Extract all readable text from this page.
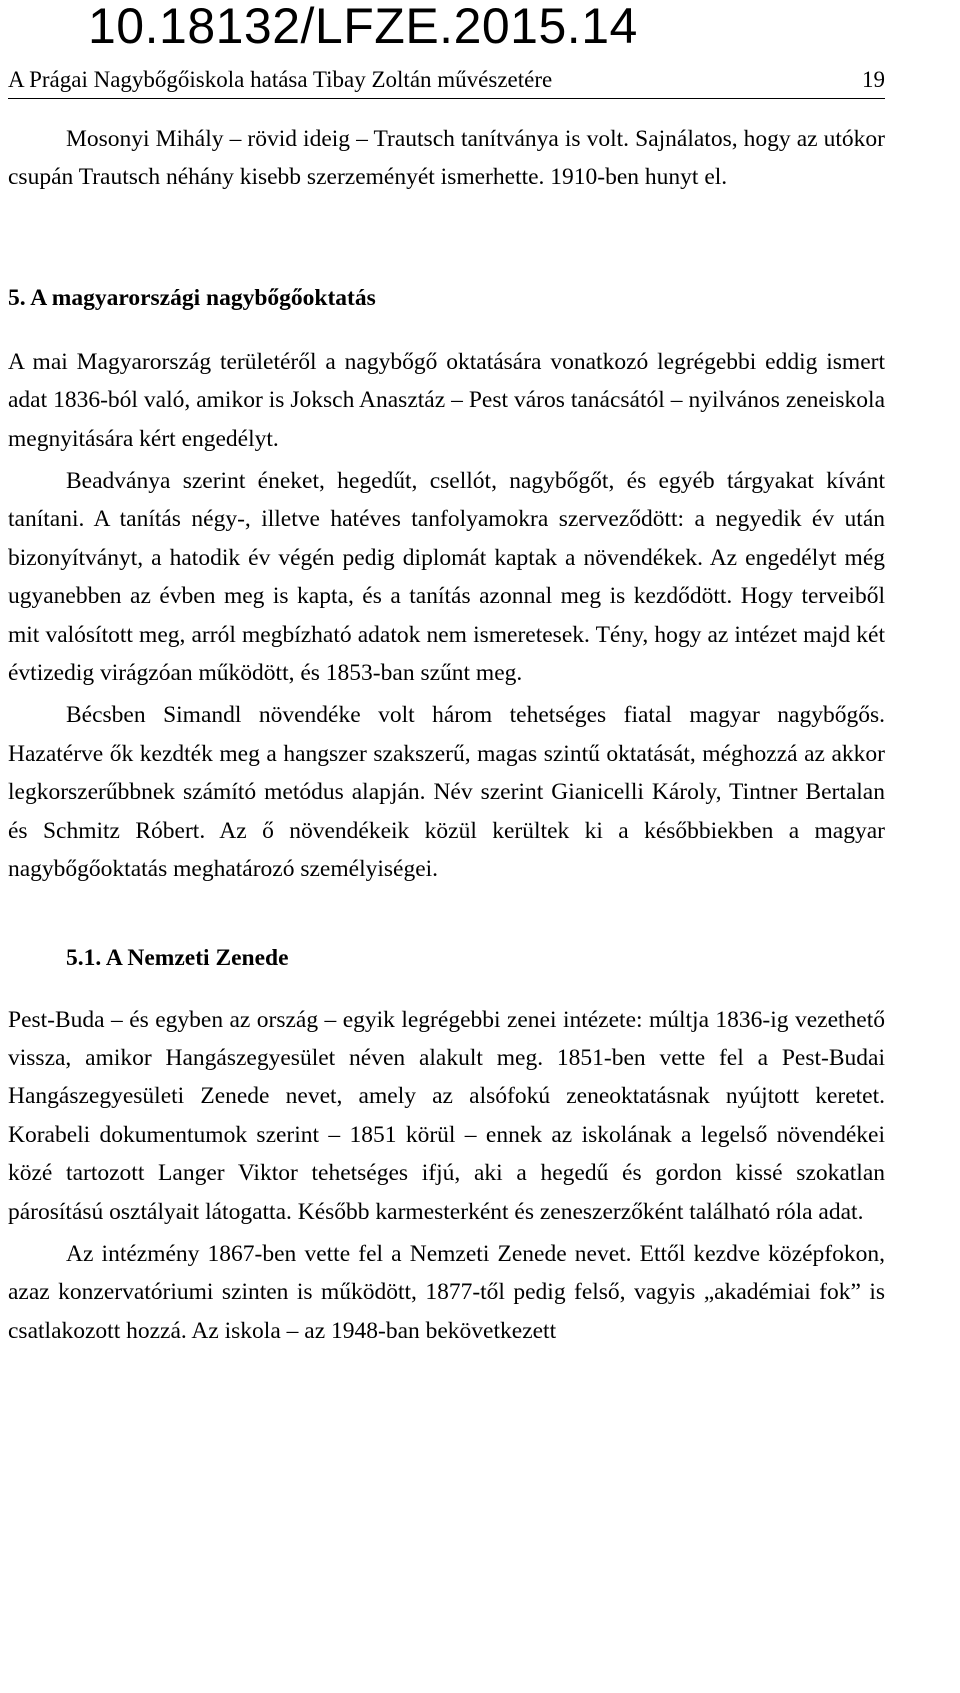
10.18132/LFZE.2015.14
A Prágai Nagybőgőiskola hatása Tibay Zoltán művészetére	19

Mosonyi Mihály – rövid ideig – Trautsch tanítványa is volt. Sajnálatos, hogy az utókor csupán Trautsch néhány kisebb szerzeményét ismerhette. 1910-ben hunyt el.

5. A magyarországi nagybőgőoktatás

A mai Magyarország területéről a nagybőgő oktatására vonatkozó legrégebbi eddig ismert adat 1836-ból való, amikor is Joksch Anasztáz – Pest város tanácsától – nyilvános zeneiskola megnyitására kért engedélyt.

Beadványa szerint éneket, hegedűt, csellót, nagybőgőt, és egyéb tárgyakat kívánt tanítani. A tanítás négy-, illetve hatéves tanfolyamokra szerveződött: a negyedik év után bizonyítványt, a hatodik év végén pedig diplomát kaptak a növendékek. Az engedélyt még ugyanebben az évben meg is kapta, és a tanítás azonnal meg is kezdődött. Hogy terveiből mit valósított meg, arról megbízható adatok nem ismeretesek. Tény, hogy az intézet majd két évtizedig virágzóan működött, és 1853-ban szűnt meg.

Bécsben Simandl növendéke volt három tehetséges fiatal magyar nagybőgős. Hazatérve ők kezdték meg a hangszer szakszerű, magas szintű oktatását, méghozzá az akkor legkorszerűbbnek számító metódus alapján. Név szerint Gianicelli Károly, Tintner Bertalan és Schmitz Róbert. Az ő növendékeik közül kerültek ki a későbbiekben a magyar nagybőgőoktatás meghatározó személyiségei.

5.1. A Nemzeti Zenede

Pest-Buda – és egyben az ország – egyik legrégebbi zenei intézete: múltja 1836-ig vezethető vissza, amikor Hangászegyesület néven alakult meg. 1851-ben vette fel a Pest-Budai Hangászegyesületi Zenede nevet, amely az alsófokú zeneoktatásnak nyújtott keretet. Korabeli dokumentumok szerint – 1851 körül – ennek az iskolának a legelső növendékei közé tartozott Langer Viktor tehetséges ifjú, aki a hegedű és gordon kissé szokatlan párosítású osztályait látogatta. Később karmesterként és zeneszerzőként található róla adat.

Az intézmény 1867-ben vette fel a Nemzeti Zenede nevet. Ettől kezdve középfokon, azaz konzervatóriumi szinten is működött, 1877-től pedig felső, vagyis „akadémiai fok” is csatlakozott hozzá. Az iskola – az 1948-ban bekövetkezett
